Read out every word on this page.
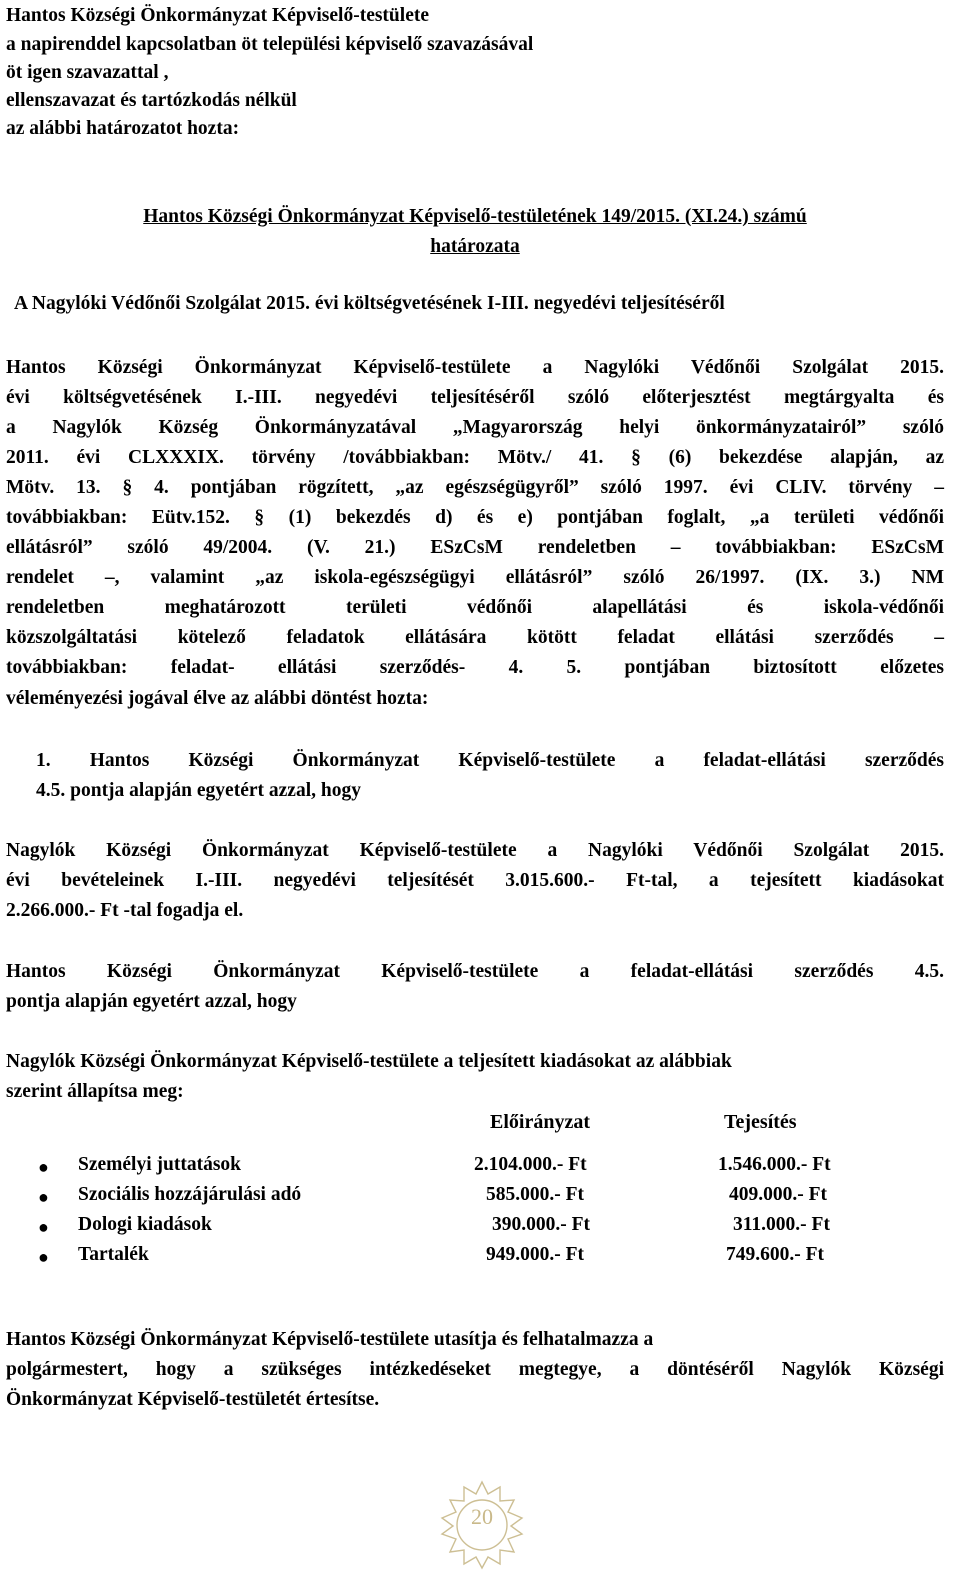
Hantos Községi Önkormányzat Képviselő-testülete
a napirenddel kapcsolatban öt települési képviselő szavazásával
öt igen szavazattal ,
ellenszavazat és tartózkodás nélkül
az alábbi határozatot hozta:
Hantos Községi Önkormányzat Képviselő-testületének 149/2015. (XI.24.) számú
határozata
A Nagylóki Védőnői Szolgálat 2015. évi költségvetésének I-III. negyedévi teljesítéséről
Hantos Községi Önkormányzat Képviselő-testülete a Nagylóki Védőnői Szolgálat 2015.
évi költségvetésének I.-III. negyedévi teljesítéséről szóló előterjesztést megtárgyalta és
a Nagylók Község Önkormányzatával „Magyarország helyi önkormányzatairól” szóló
2011. évi CLXXXIX. törvény /továbbiakban: Mötv./ 41. § (6) bekezdése alapján, az
Mötv. 13. § 4. pontjában rögzített, „az egészségügyről” szóló 1997. évi CLIV. törvény –
továbbiakban: Eütv.152. § (1) bekezdés d) és e) pontjában foglalt, „a területi védőnői
ellátásról” szóló 49/2004. (V. 21.) ESzCsM rendeletben – továbbiakban: ESzCsM
rendelet –, valamint „az iskola-egészségügyi ellátásról” szóló 26/1997. (IX. 3.) NM
rendeletben meghatározott területi védőnői alapellátási és iskola-védőnői
közszolgáltatási kötelező feladatok ellátására kötött feladat ellátási szerződés –
továbbiakban: feladat- ellátási szerződés- 4. 5. pontjában biztosított előzetes
véleményezési jogával élve az alábbi döntést hozta:
1. Hantos Községi Önkormányzat Képviselő-testülete a feladat-ellátási szerződés
4.5. pontja alapján egyetért azzal, hogy
Nagylók Községi Önkormányzat Képviselő-testülete a Nagylóki Védőnői Szolgálat 2015.
évi bevételeinek I.-III. negyedévi teljesítését 3.015.600.- Ft-tal, a tejesített kiadásokat
2.266.000.- Ft -tal fogadja el.
Hantos Községi Önkormányzat Képviselő-testülete a feladat-ellátási szerződés 4.5.
pontja alapján egyetért azzal, hogy
Nagylók Községi Önkormányzat Képviselő-testülete a teljesített kiadásokat az alábbiak
szerint állapítsa meg:
Előirányzat	Tejesítés
● Személyi juttatások	2.104.000.- Ft	1.546.000.- Ft
● Szociális hozzájárulási adó	585.000.- Ft	409.000.- Ft
● Dologi kiadások	390.000.- Ft	311.000.- Ft
● Tartalék	949.000.- Ft	749.600.- Ft
Hantos Községi Önkormányzat Képviselő-testülete utasítja és felhatalmazza a
polgármestert, hogy a szükséges intézkedéseket megtegye, a döntéséről Nagylók Községi
Önkormányzat Képviselő-testületét értesítse.
20
